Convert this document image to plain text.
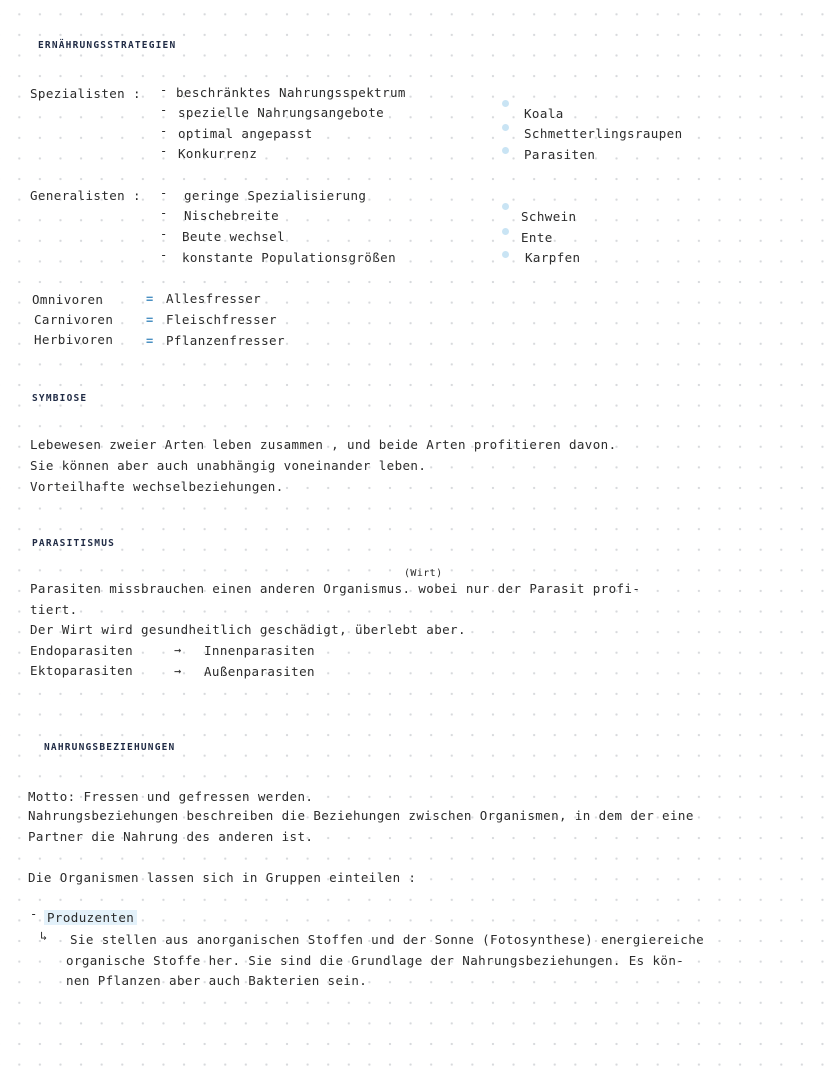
ERNÄHRUNGSSTRATEGIEN
Spezialisten : - beschränktes Nahrungsspektrum
- spezielle Nahrungsangebote
- optimal angepasst
- Konkurrenz
Koala
Schmetterlingsraupen
Parasiten
Generalisten : - geringe Spezialisierung
- Nischebreite
- Beute wechsel
- konstante Populationsgrößen
Schwein
Ente
Karpfen
Omnivoren	= Allesfresser
Carnivoren	= Fleischfresser
Herbivoren	= Pflanzenfresser
SYMBIOSE
Lebewesen zweier Arten leben zusammen , und beide Arten profitieren davon.
Sie können aber auch unabhängig voneinander leben.
Vorteilhafte wechselbeziehungen.
PARASITISMUS
(Wirt)
Parasiten missbrauchen einen anderen Organismus. wobei nur der Parasit profi-
tiert.
Der Wirt wird gesundheitlich geschädigt, überlebt aber.
Endoparasiten	→ Innenparasiten
Ektoparasiten	→ Außenparasiten
NAHRUNGSBEZIEHUNGEN
Motto: Fressen und gefressen werden.
Nahrungsbeziehungen beschreiben die Beziehungen zwischen Organismen, in dem der eine
Partner die Nahrung des anderen ist.
Die Organismen lassen sich in Gruppen einteilen :
- Produzenten
↳ Sie stellen aus anorganischen Stoffen und der Sonne (Fotosynthese) energiereiche
organische Stoffe her. Sie sind die Grundlage der Nahrungsbeziehungen. Es kön-
nen Pflanzen aber auch Bakterien sein.
